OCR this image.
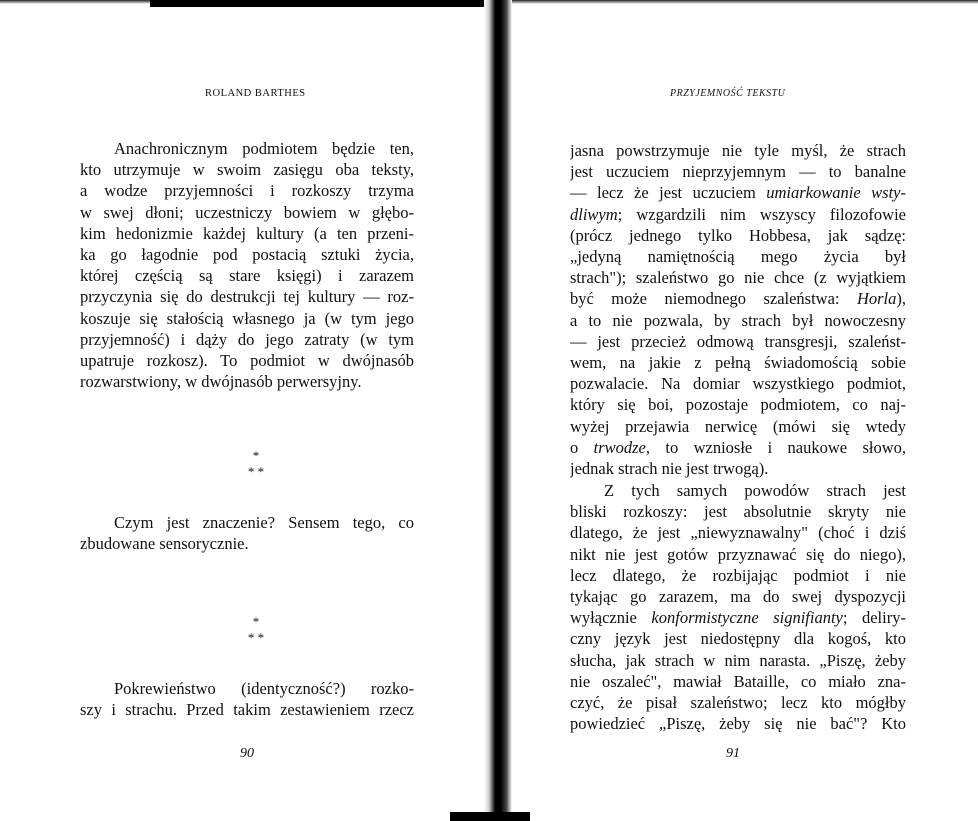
ROLAND BARTHES
Anachronicznym podmiotem będzie ten,
kto utrzymuje w swoim zasięgu oba teksty,
a wodze przyjemności i rozkoszy trzyma
w swej dłoni; uczestniczy bowiem w głębo-
kim hedonizmie każdej kultury (a ten przeni-
ka go łagodnie pod postacią sztuki życia,
której częścią są stare księgi) i zarazem
przyczynia się do destrukcji tej kultury — roz-
koszuje się stałością własnego ja (w tym jego
przyjemność) i dąży do jego zatraty (w tym
upatruje rozkosz). To podmiot w dwójnasób
rozwarstwiony, w dwójnasób perwersyjny.
*
* *
Czym jest znaczenie? Sensem tego, co
zbudowane sensorycznie.
*
* *
Pokrewieństwo (identyczność?) rozko-
szy i strachu. Przed takim zestawieniem rzecz
90
PRZYJEMNOŚĆ TEKSTU
jasna powstrzymuje nie tyle myśl, że strach
jest uczuciem nieprzyjemnym — to banalne
— lecz że jest uczuciem umiarkowanie wsty-
dliwym; wzgardzili nim wszyscy filozofowie
(prócz jednego tylko Hobbesa, jak sądzę:
„jedyną namiętnością mego życia był
strach"); szaleństwo go nie chce (z wyjątkiem
być może niemodnego szaleństwa: Horla),
a to nie pozwala, by strach był nowoczesny
— jest przecież odmową transgresji, szaleńst-
wem, na jakie z pełną świadomością sobie
pozwalacie. Na domiar wszystkiego podmiot,
który się boi, pozostaje podmiotem, co naj-
wyżej przejawia nerwicę (mówi się wtedy
o trwodze, to wzniosłe i naukowe słowo,
jednak strach nie jest trwogą).
Z tych samych powodów strach jest
bliski rozkoszy: jest absolutnie skryty nie
dlatego, że jest „niewyznawalny" (choć i dziś
nikt nie jest gotów przyznawać się do niego),
lecz dlatego, że rozbijając podmiot i nie
tykając go zarazem, ma do swej dyspozycji
wyłącznie konformistyczne signifianty; deliry-
czny język jest niedostępny dla kogoś, kto
słucha, jak strach w nim narasta. „Piszę, żeby
nie oszaleć", mawiał Bataille, co miało zna-
czyć, że pisał szaleństwo; lecz kto mógłby
powiedzieć „Piszę, żeby się nie bać"? Kto
91
